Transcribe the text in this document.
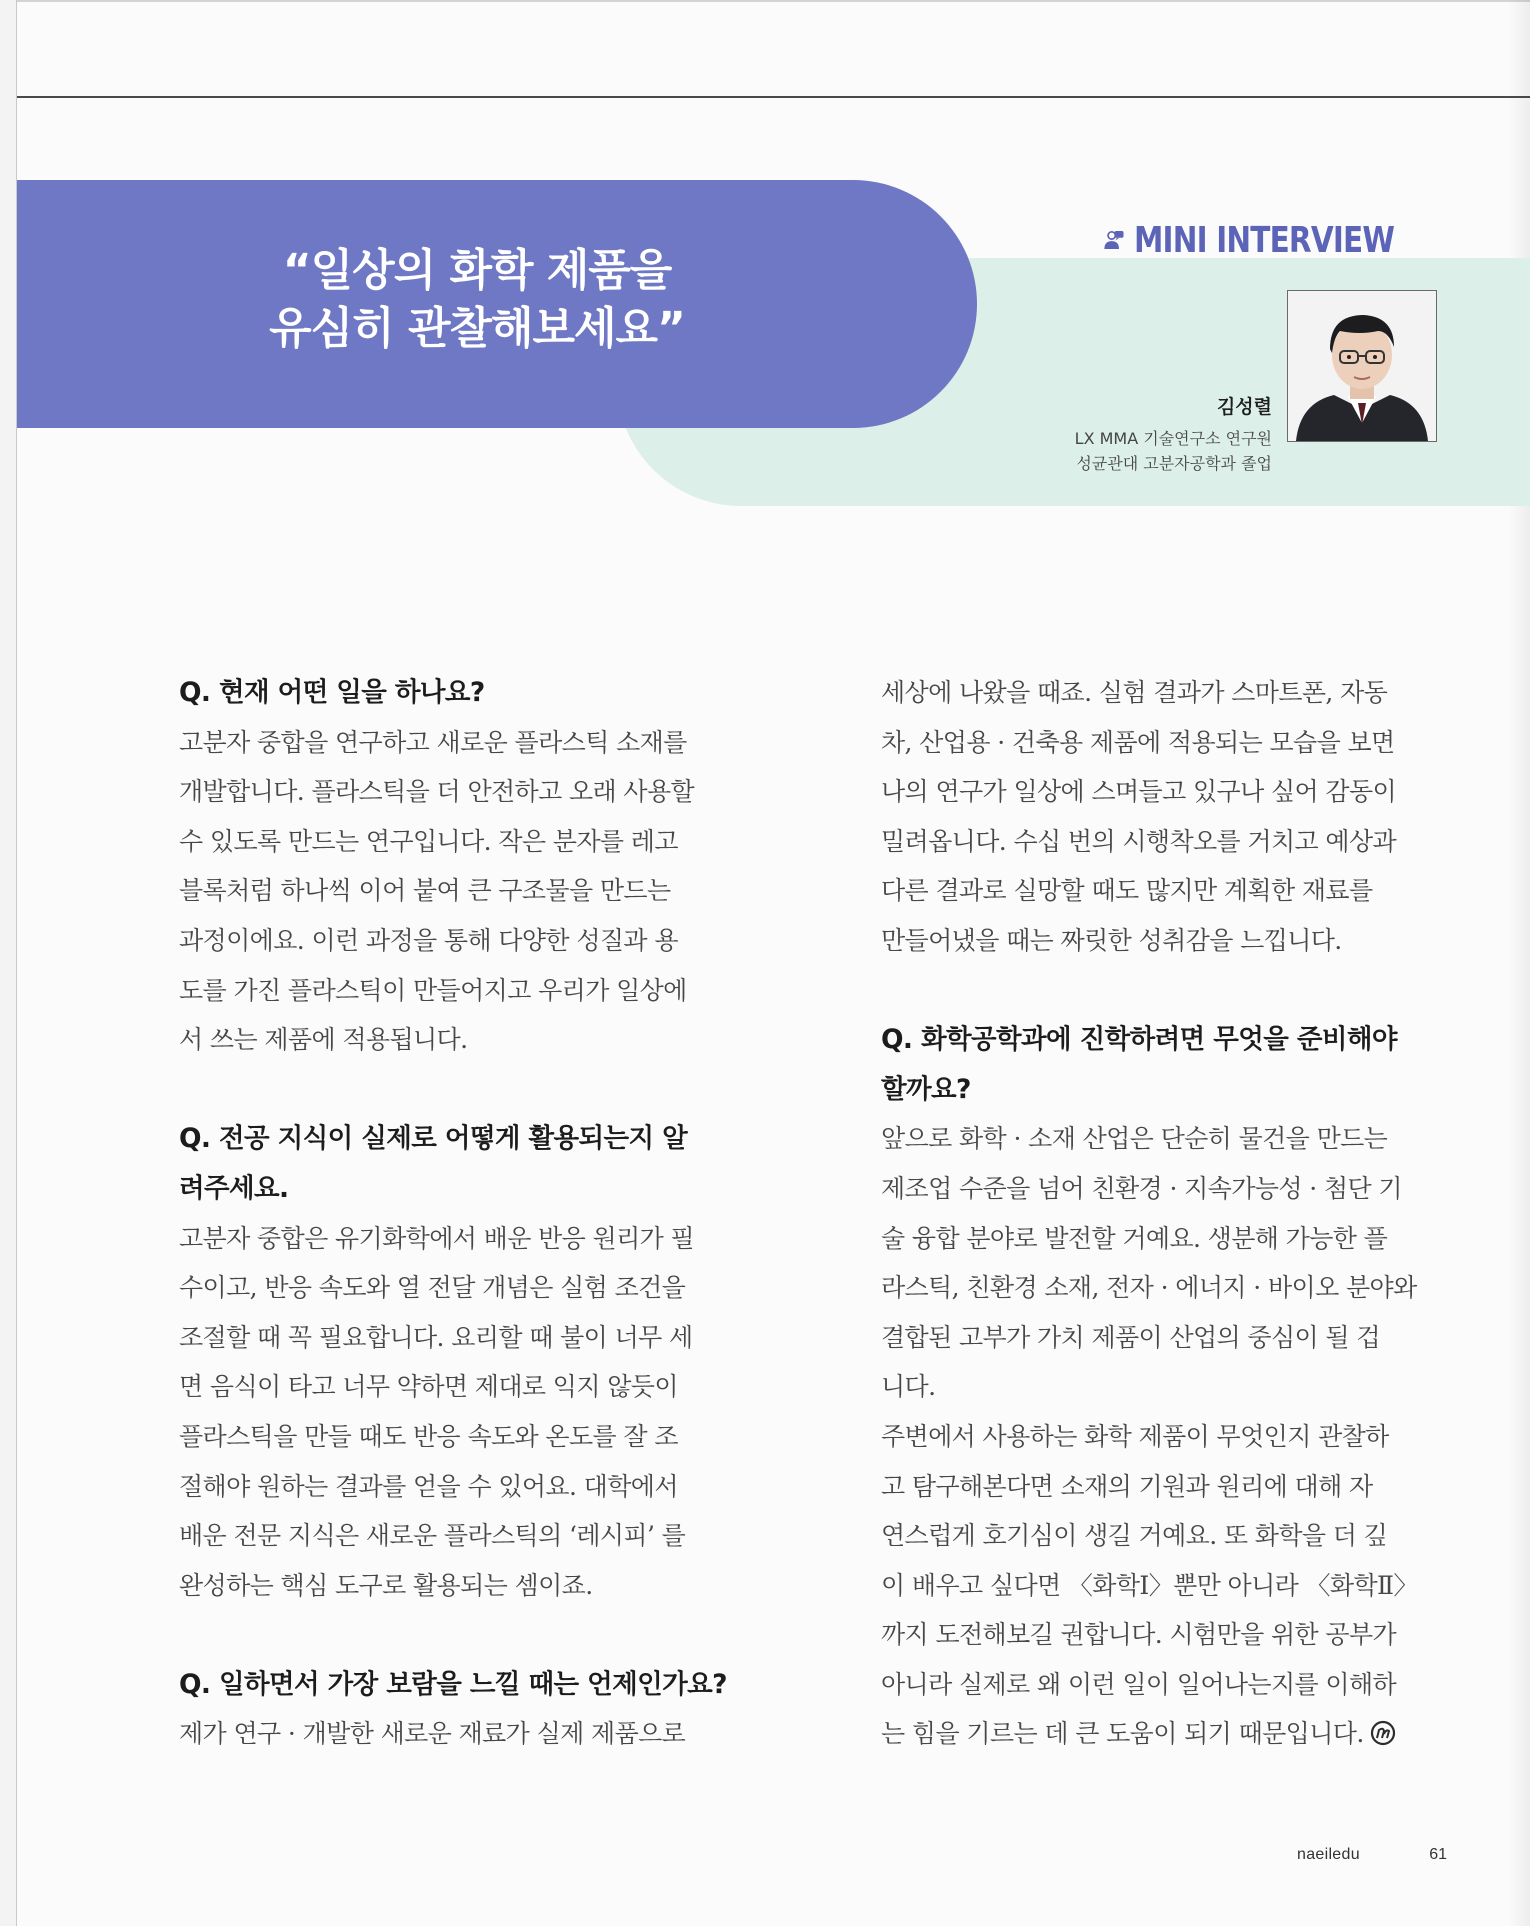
“일상의 화학 제품을
유심히 관찰해보세요”
MINI INTERVIEW
김성렬
LX MMA 기술연구소 연구원
성균관대 고분자공학과 졸업
Q. 현재 어떤 일을 하나요?
고분자 중합을 연구하고 새로운 플라스틱 소재를
개발합니다. 플라스틱을 더 안전하고 오래 사용할
수 있도록 만드는 연구입니다. 작은 분자를 레고
블록처럼 하나씩 이어 붙여 큰 구조물을 만드는
과정이에요. 이런 과정을 통해 다양한 성질과 용
도를 가진 플라스틱이 만들어지고 우리가 일상에
서 쓰는 제품에 적용됩니다.
Q. 전공 지식이 실제로 어떻게 활용되는지 알
려주세요.
고분자 중합은 유기화학에서 배운 반응 원리가 필
수이고, 반응 속도와 열 전달 개념은 실험 조건을
조절할 때 꼭 필요합니다. 요리할 때 불이 너무 세
면 음식이 타고 너무 약하면 제대로 익지 않듯이
플라스틱을 만들 때도 반응 속도와 온도를 잘 조
절해야 원하는 결과를 얻을 수 있어요. 대학에서
배운 전문 지식은 새로운 플라스틱의 ‘레시피’ 를
완성하는 핵심 도구로 활용되는 셈이죠.
Q. 일하면서 가장 보람을 느낄 때는 언제인가요?
제가 연구 · 개발한 새로운 재료가 실제 제품으로
세상에 나왔을 때죠. 실험 결과가 스마트폰, 자동
차, 산업용 · 건축용 제품에 적용되는 모습을 보면
나의 연구가 일상에 스며들고 있구나 싶어 감동이
밀려옵니다. 수십 번의 시행착오를 거치고 예상과
다른 결과로 실망할 때도 많지만 계획한 재료를
만들어냈을 때는 짜릿한 성취감을 느낍니다.
Q. 화학공학과에 진학하려면 무엇을 준비해야
할까요?
앞으로 화학 · 소재 산업은 단순히 물건을 만드는
제조업 수준을 넘어 친환경 · 지속가능성 · 첨단 기
술 융합 분야로 발전할 거예요. 생분해 가능한 플
라스틱, 친환경 소재, 전자 · 에너지 · 바이오 분야와
결합된 고부가 가치 제품이 산업의 중심이 될 겁
니다.
주변에서 사용하는 화학 제품이 무엇인지 관찰하
고 탐구해본다면 소재의 기원과 원리에 대해 자
연스럽게 호기심이 생길 거예요. 또 화학을 더 깊
이 배우고 싶다면 〈화학Ⅰ〉뿐만 아니라 〈화학Ⅱ〉
까지 도전해보길 권합니다. 시험만을 위한 공부가
아니라 실제로 왜 이런 일이 일어나는지를 이해하
는 힘을 기르는 데 큰 도움이 되기 때문입니다.
naeiledu	61
